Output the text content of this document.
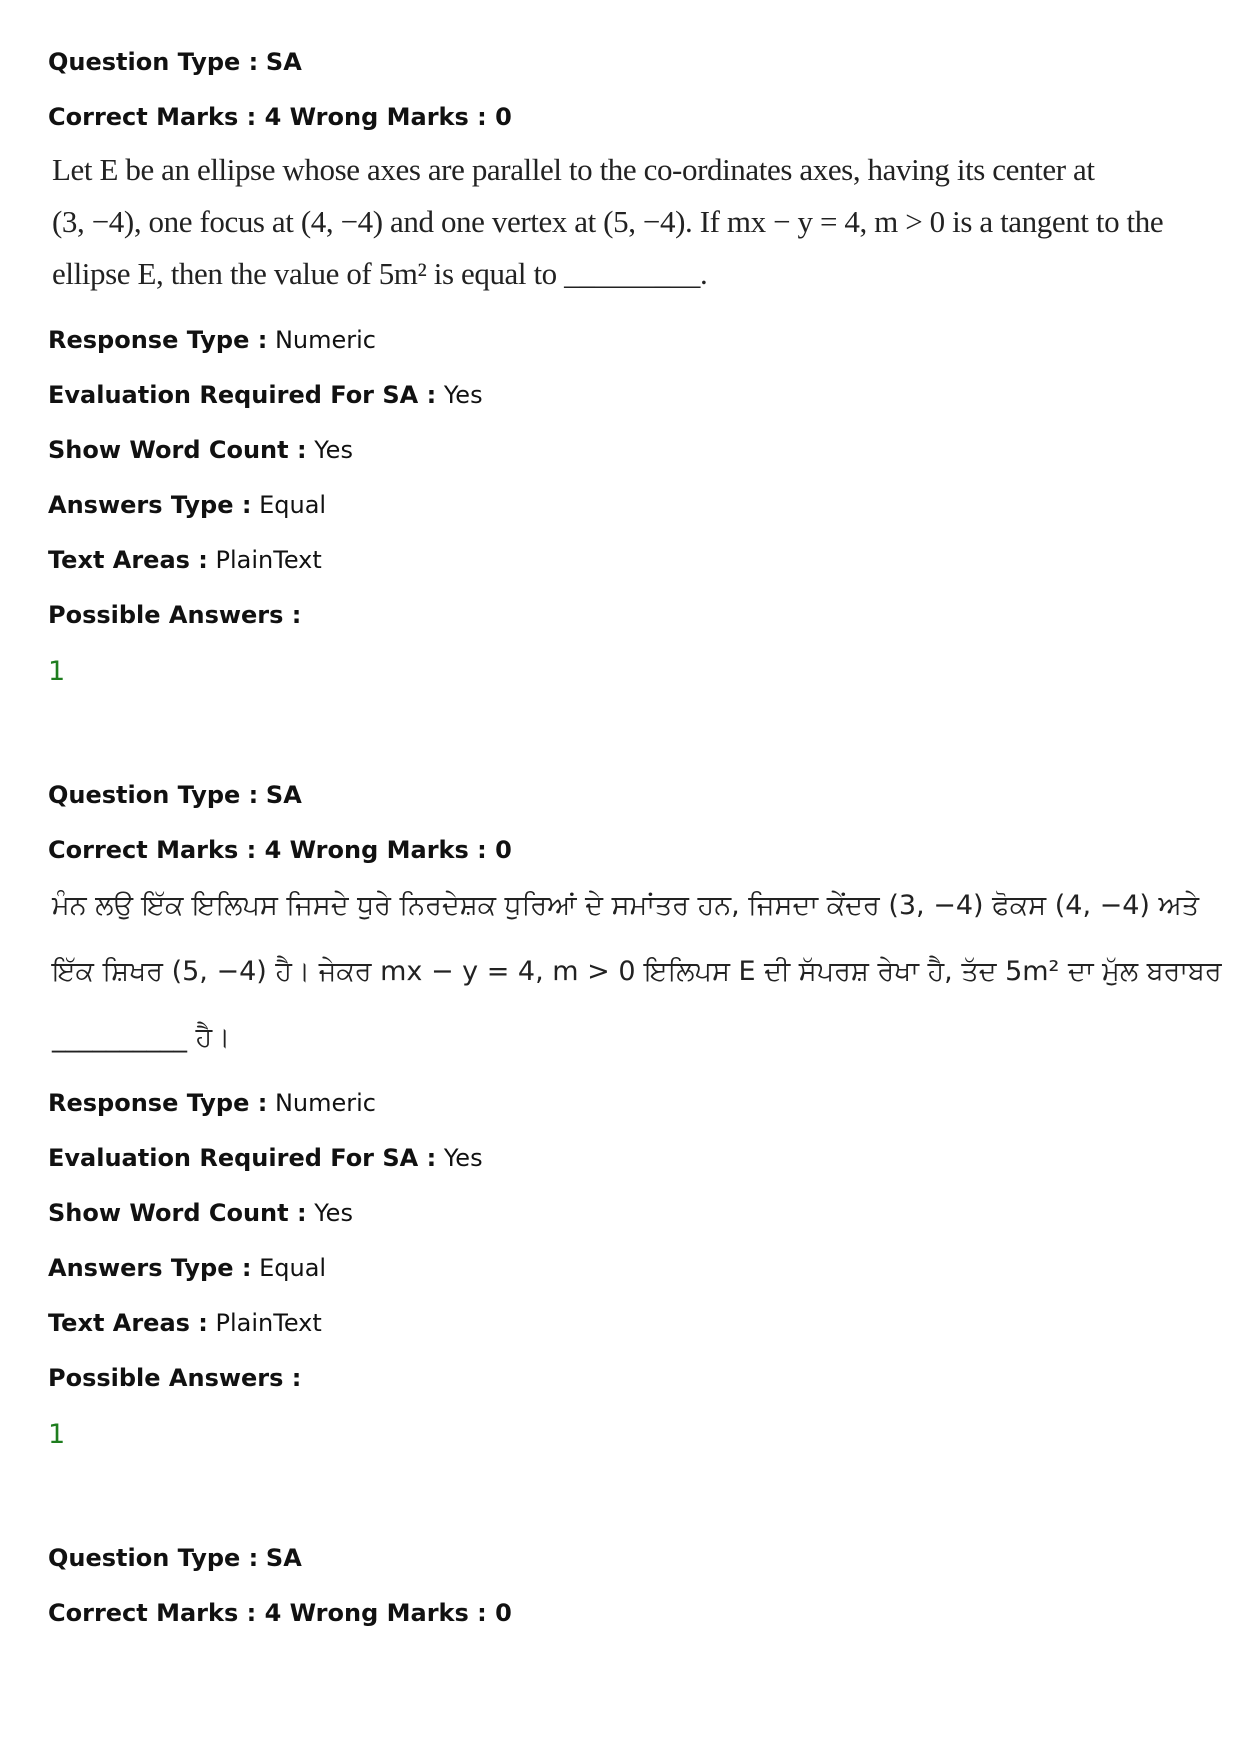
Question Type : SA
Correct Marks : 4 Wrong Marks : 0
Let E be an ellipse whose axes are parallel to the co-ordinates axes, having its center at
(3, −4), one focus at (4, −4) and one vertex at (5, −4). If mx − y = 4, m > 0 is a tangent to the
ellipse E, then the value of 5m² is equal to _________.
Response Type : Numeric
Evaluation Required For SA : Yes
Show Word Count : Yes
Answers Type : Equal
Text Areas : PlainText
Possible Answers :
1
Question Type : SA
Correct Marks : 4 Wrong Marks : 0
ਮੰਨ ਲਉ ਇੱਕ ਇਲਿਪਸ ਜਿਸਦੇ ਧੁਰੇ ਨਿਰਦੇਸ਼ਕ ਧੁਰਿਆਂ ਦੇ ਸਮਾਂਤਰ ਹਨ, ਜਿਸਦਾ ਕੇਂਦਰ (3, −4) ਫੋਕਸ (4, −4) ਅਤੇ
ਇੱਕ ਸ਼ਿਖਰ (5, −4) ਹੈ। ਜੇਕਰ mx − y = 4, m > 0 ਇਲਿਪਸ E ਦੀ ਸੱਪਰਸ਼ ਰੇਖਾ ਹੈ, ਤੱਦ 5m² ਦਾ ਮੁੱਲ ਬਰਾਬਰ
__________ ਹੈ।
Response Type : Numeric
Evaluation Required For SA : Yes
Show Word Count : Yes
Answers Type : Equal
Text Areas : PlainText
Possible Answers :
1
Question Type : SA
Correct Marks : 4 Wrong Marks : 0
